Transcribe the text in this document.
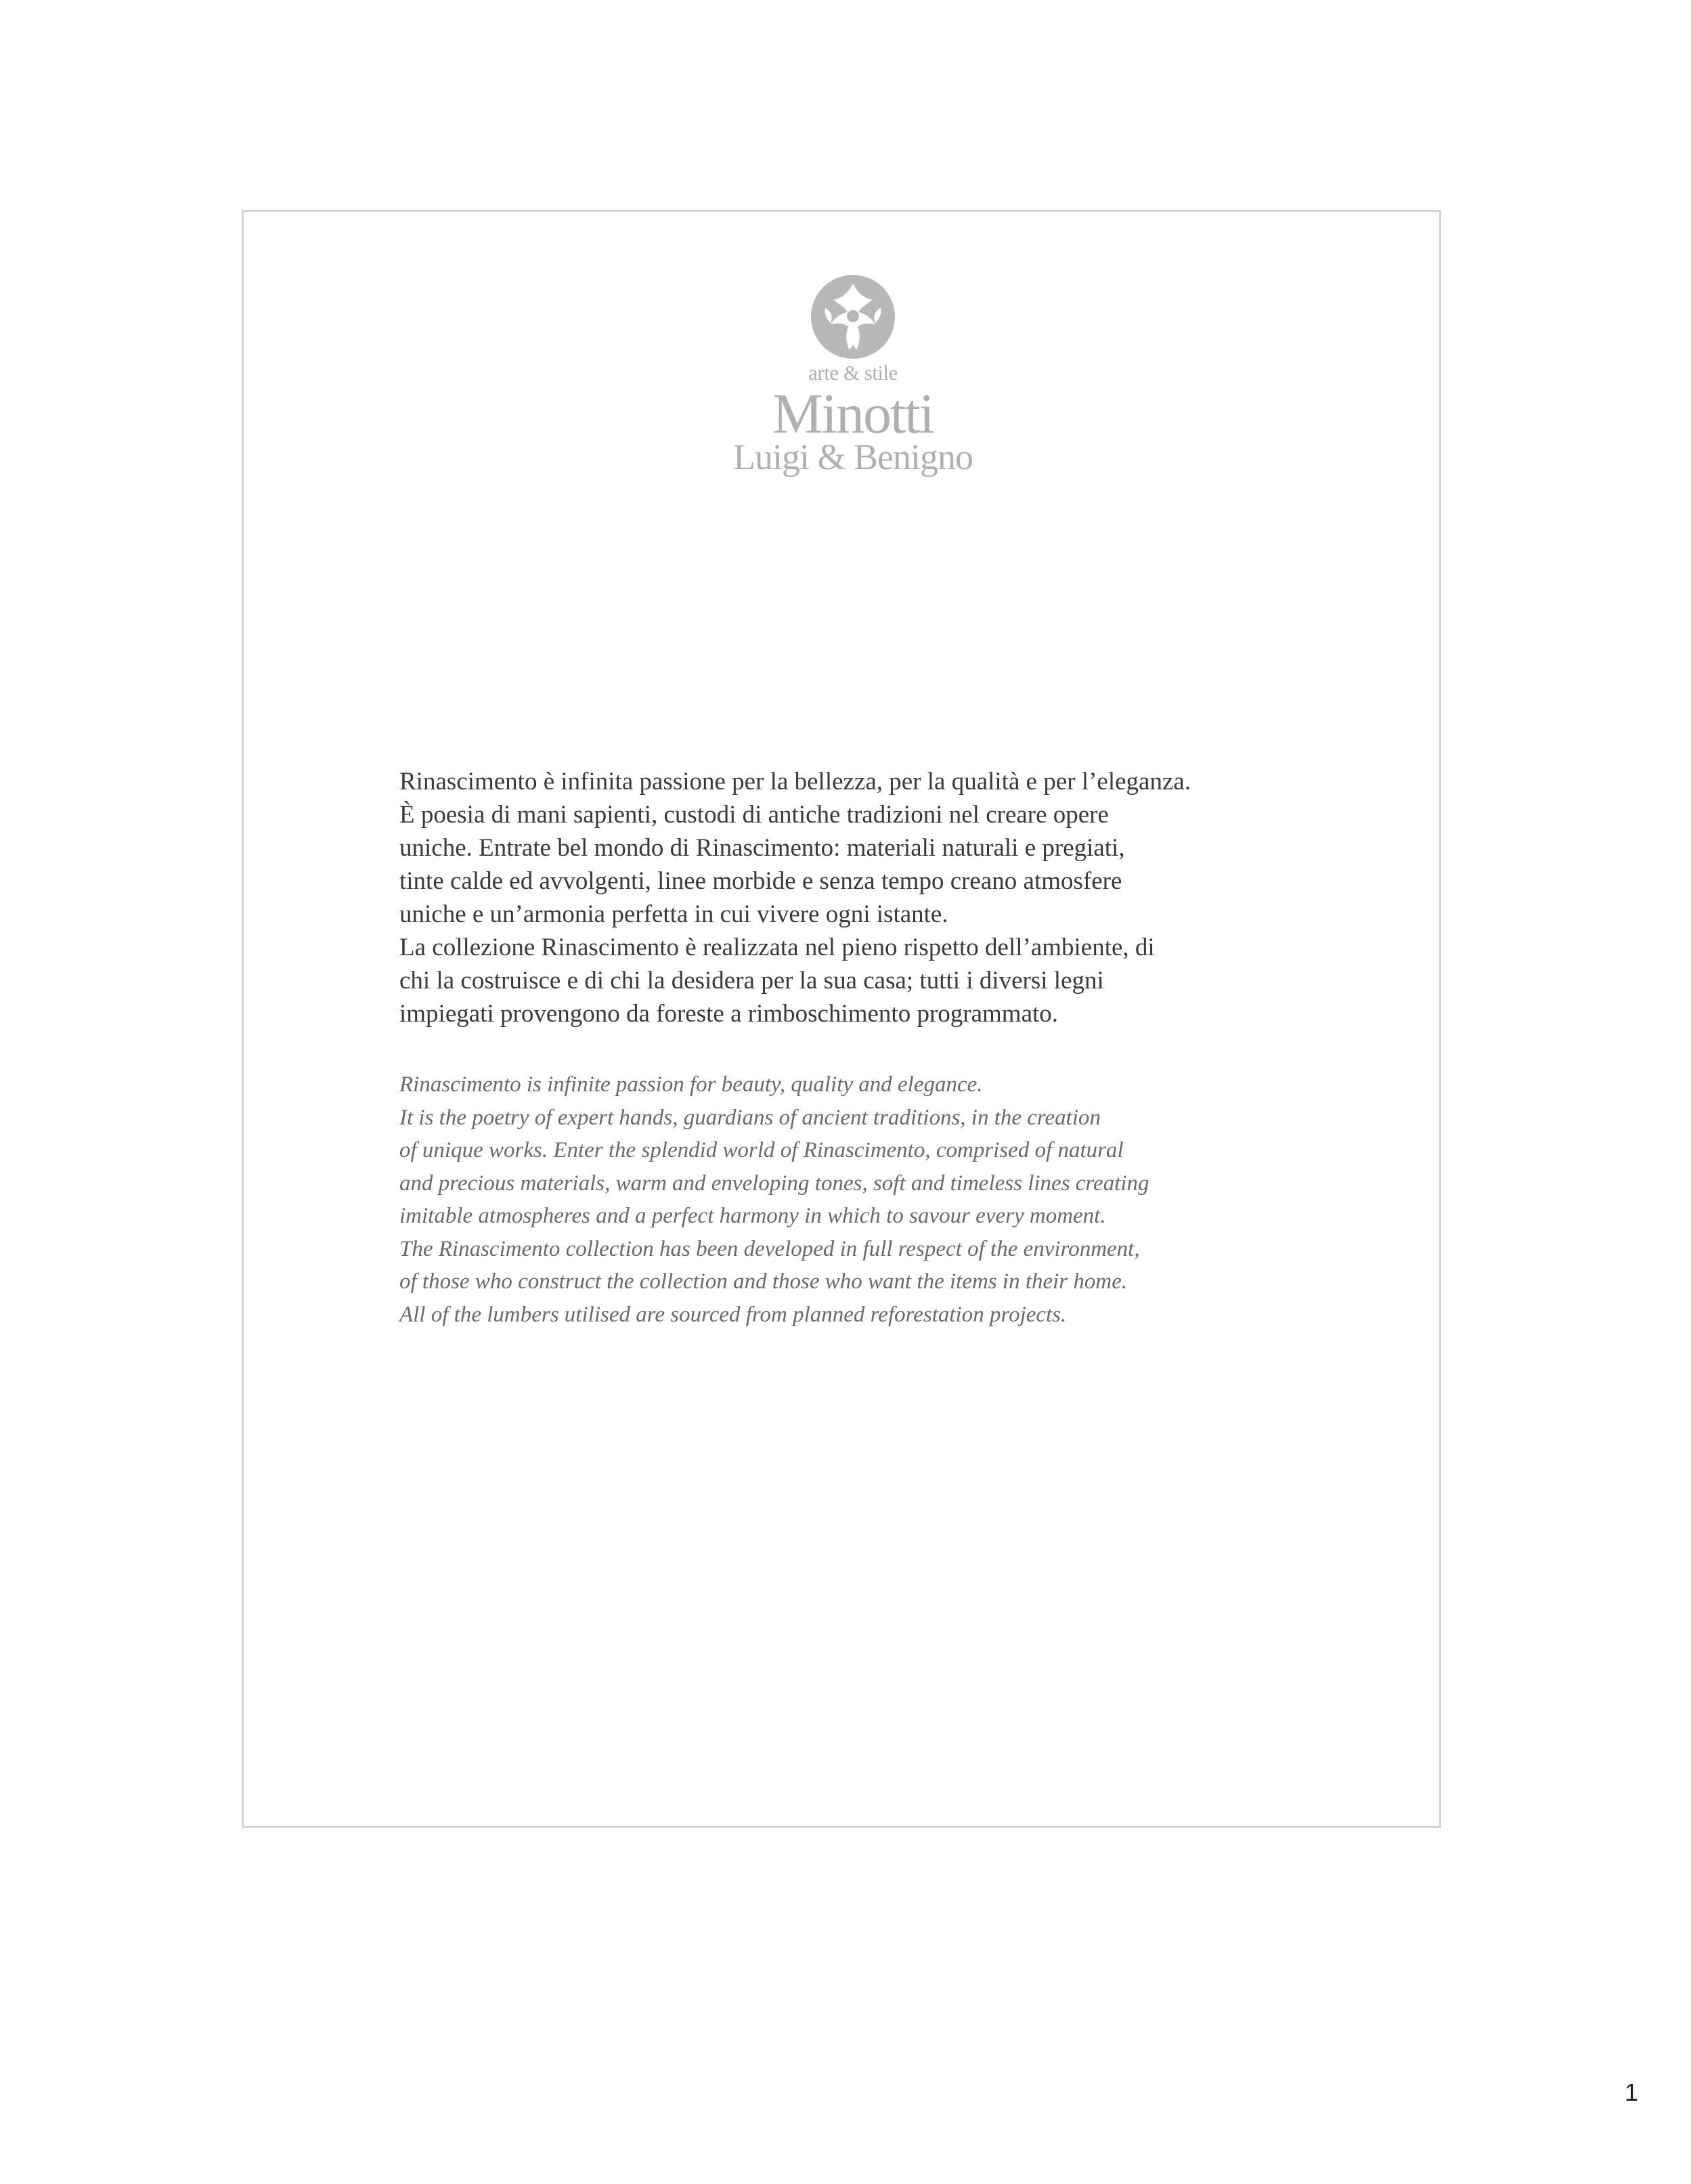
arte & stile
Minotti
Luigi & Benigno

Rinascimento è infinita passione per la bellezza, per la qualità e per l’eleganza.
È poesia di mani sapienti, custodi di antiche tradizioni nel creare opere
uniche. Entrate bel mondo di Rinascimento: materiali naturali e pregiati,
tinte calde ed avvolgenti, linee morbide e senza tempo creano atmosfere
uniche e un’armonia perfetta in cui vivere ogni istante.
La collezione Rinascimento è realizzata nel pieno rispetto dell’ambiente, di
chi la costruisce e di chi la desidera per la sua casa; tutti i diversi legni
impiegati provengono da foreste a rimboschimento programmato.

Rinascimento is infinite passion for beauty, quality and elegance.
It is the poetry of expert hands, guardians of ancient traditions, in the creation
of unique works. Enter the splendid world of Rinascimento, comprised of natural
and precious materials, warm and enveloping tones, soft and timeless lines creating
imitable atmospheres and a perfect harmony in which to savour every moment.
The Rinascimento collection has been developed in full respect of the environment,
of those who construct the collection and those who want the items in their home.
All of the lumbers utilised are sourced from planned reforestation projects.

1
